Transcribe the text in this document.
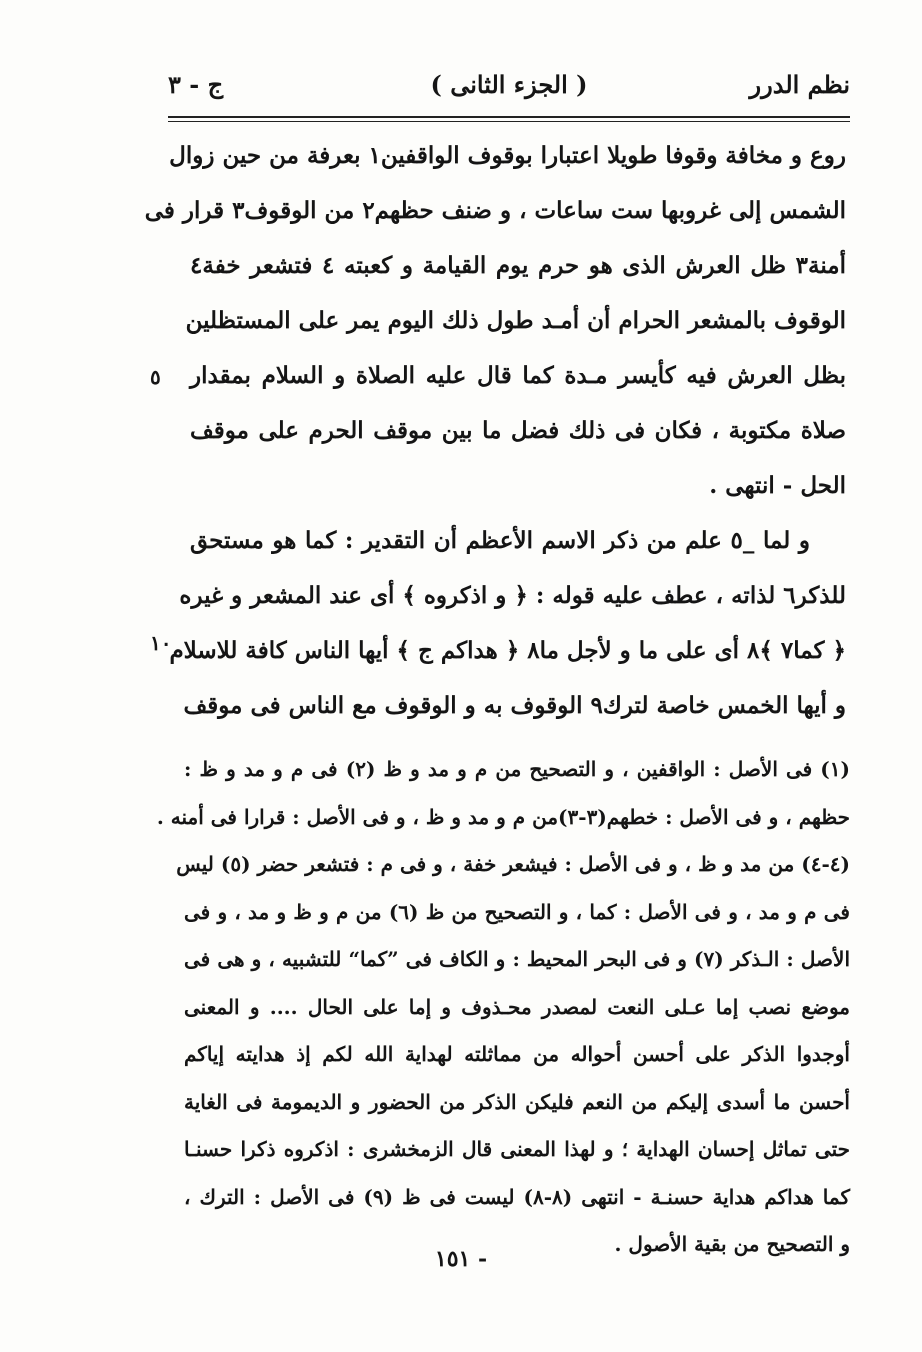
نظم الدرر
( الجزء الثانى )
ج - ٣
روع و مخافة وقوفا طويلا اعتبارا بوقوف الواقفين١ بعرفة من حين زوال
الشمس إلى غروبها ست ساعات ، و ضنف حظهم٢ من الوقوف٣ قرار فى
أمنة٣ ظل العرش الذى هو حرم يوم القيامة و كعبته ٤ فتشعر خفة٤
الوقوف بالمشعر الحرام أن أمـد طول ذلك اليوم يمر على المستظلين
بظل العرش فيه كأيسر مـدة كما قال عليه الصلاة و السلام بمقدار
صلاة مكتوبة ، فكان فى ذلك فضل ما بين موقف الحرم على موقف
الحل - انتهى .
و لما _٥ علم من ذكر الاسم الأعظم أن التقدير : كما هو مستحق
للذكر٦ لذاته ، عطف عليه قوله : ﴿ و اذكروه ﴾ أى عند المشعر و غيره
﴿ كما٧ ﴾٨ أى على ما و لأجل ما٨ ﴿ هداكم ج ﴾ أيها الناس كافة للاسلام
و أيها الخمس خاصة لترك٩ الوقوف به و الوقوف مع الناس فى موقف
٥
١٠
(١) فى الأصل : الواقفين ، و التصحيح من م و مد و ظ (٢) فى م و مد و ظ :
حظهم ، و فى الأصل : خطهم(٣-٣)من م و مد و ظ ، و فى الأصل : قرارا فى أمنه .
(٤-٤) من مد و ظ ، و فى الأصل : فيشعر خفة ، و فى م : فتشعر حضر (٥) ليس
فى م و مد ، و فى الأصل : كما ، و التصحيح من ظ (٦) من م و ظ و مد ، و فى
الأصل : الـذكر (٧) و فى البحر المحيط : و الكاف فى ”كما“ للتشبيه ، و هى فى
موضع نصب إما عـلى النعت لمصدر محـذوف و إما على الحال .... و المعنى
أوجدوا الذكر على أحسن أحواله من مماثلته لهداية الله لكم إذ هدايته إياكم
أحسن ما أسدى إليكم من النعم فليكن الذكر من الحضور و الديمومة فى الغاية
حتى تماثل إحسان الهداية ؛ و لهذا المعنى قال الزمخشرى : اذكروه ذكرا حسنـا
كما هداكم هداية حسنـة - انتهى (٨-٨) ليست فى ظ (٩) فى الأصل : الترك ،
و التصحيح من بقية الأصول .
- ١٥١
